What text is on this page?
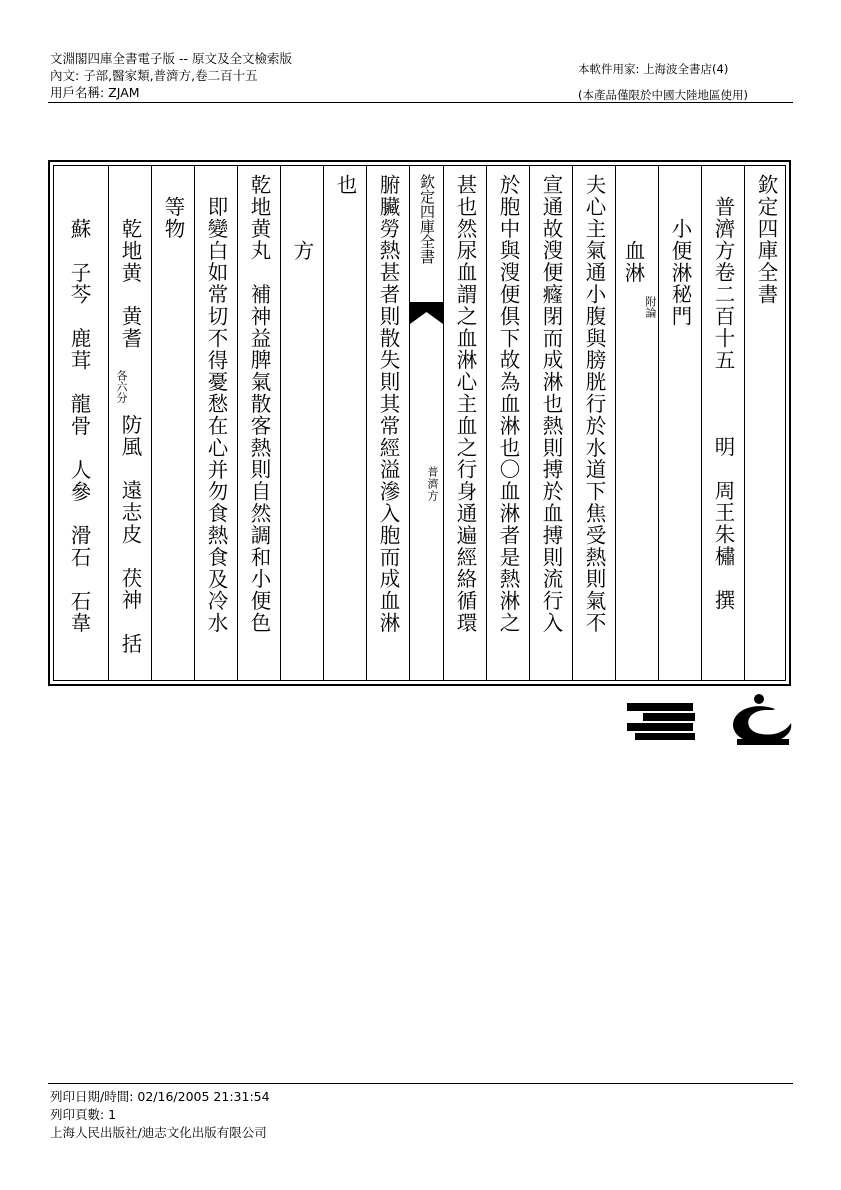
文淵閣四庫全書電子版 -- 原文及全文檢索版
內文: 子部,醫家類,普濟方,卷二百十五
用戶名稱: ZJAM
本軟件用家: 上海波全書店(4)
(本產品僅限於中國大陸地區使用)
欽定四庫全書
普濟方卷二百十五
明　周王朱橚　撰
小便淋秘門
血淋
附論
夫心主氣通小腹與膀胱行於水道下焦受熱則氣不
宣通故溲便癃閉而成淋也熱則搏於血搏則流行入
於胞中與溲便俱下故為血淋也〇血淋者是熱淋之
甚也然尿血謂之血淋心主血之行身通遍經絡循環
欽定四庫全書
普濟方
腑臟勞熱甚者則散失則其常經溢滲入胞而成血淋
也
方
乾地黄丸　補神益脾氣散客熱則自然調和小便色
即變白如常切不得憂愁在心并勿食熱食及冷水
等物
乾地黄　黄耆
各六分
防風　遠志皮　茯神　括
蘇　子芩　鹿茸　龍骨　人參　滑石　石韋
列印日期/時間: 02/16/2005 21:31:54
列印頁數: 1
上海人民出版社/迪志文化出版有限公司
